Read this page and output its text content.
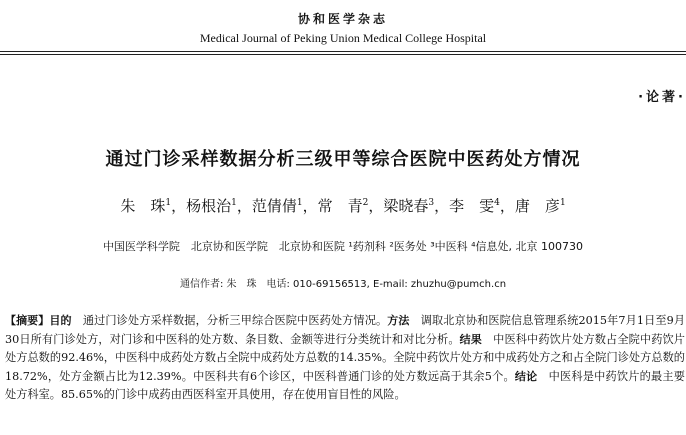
协和医学杂志
Medical Journal of Peking Union Medical College Hospital
·论著·
通过门诊采样数据分析三级甲等综合医院中医药处方情况
朱　珠$^1$，杨根治$^1$，范倩倩$^1$，常　青$^2$，梁晓春$^3$，李　雯$^4$，唐　彦$^1$
中国医学科学院　北京协和医学院　北京协和医院 ¹药剂科 ²医务处 ³中医科 ⁴信息处, 北京 100730
通信作者: 朱　珠　电话: 010-69156513, E-mail: zhuzhu@pumch.cn
【摘要】目的　 通过门诊处方采样数据，分析三甲综合医院中医药处方情况。方法　 调取北京协和医院信息管理系统2015年7月1日至9月30日所有门诊处方，对门诊和中医科的处方数、条目数、金额等进行分类统计和对比分析。结果　 中医科中药饮片处方数占全院中药饮片处方总数的92.46%，中医科中成药处方数占全院中成药处方总数的14.35%。全院中药饮片处方和中成药处方之和占全院门诊处方总数的18.72%，处方金额占比为12.39%。中医科共有6个诊区，中医科普通门诊的处方数远高于其余5个。结论　 中医科是中药饮片的最主要处方科室。85.65%的门诊中成药由西医科室开具使用，存在使用盲目性的风险。
